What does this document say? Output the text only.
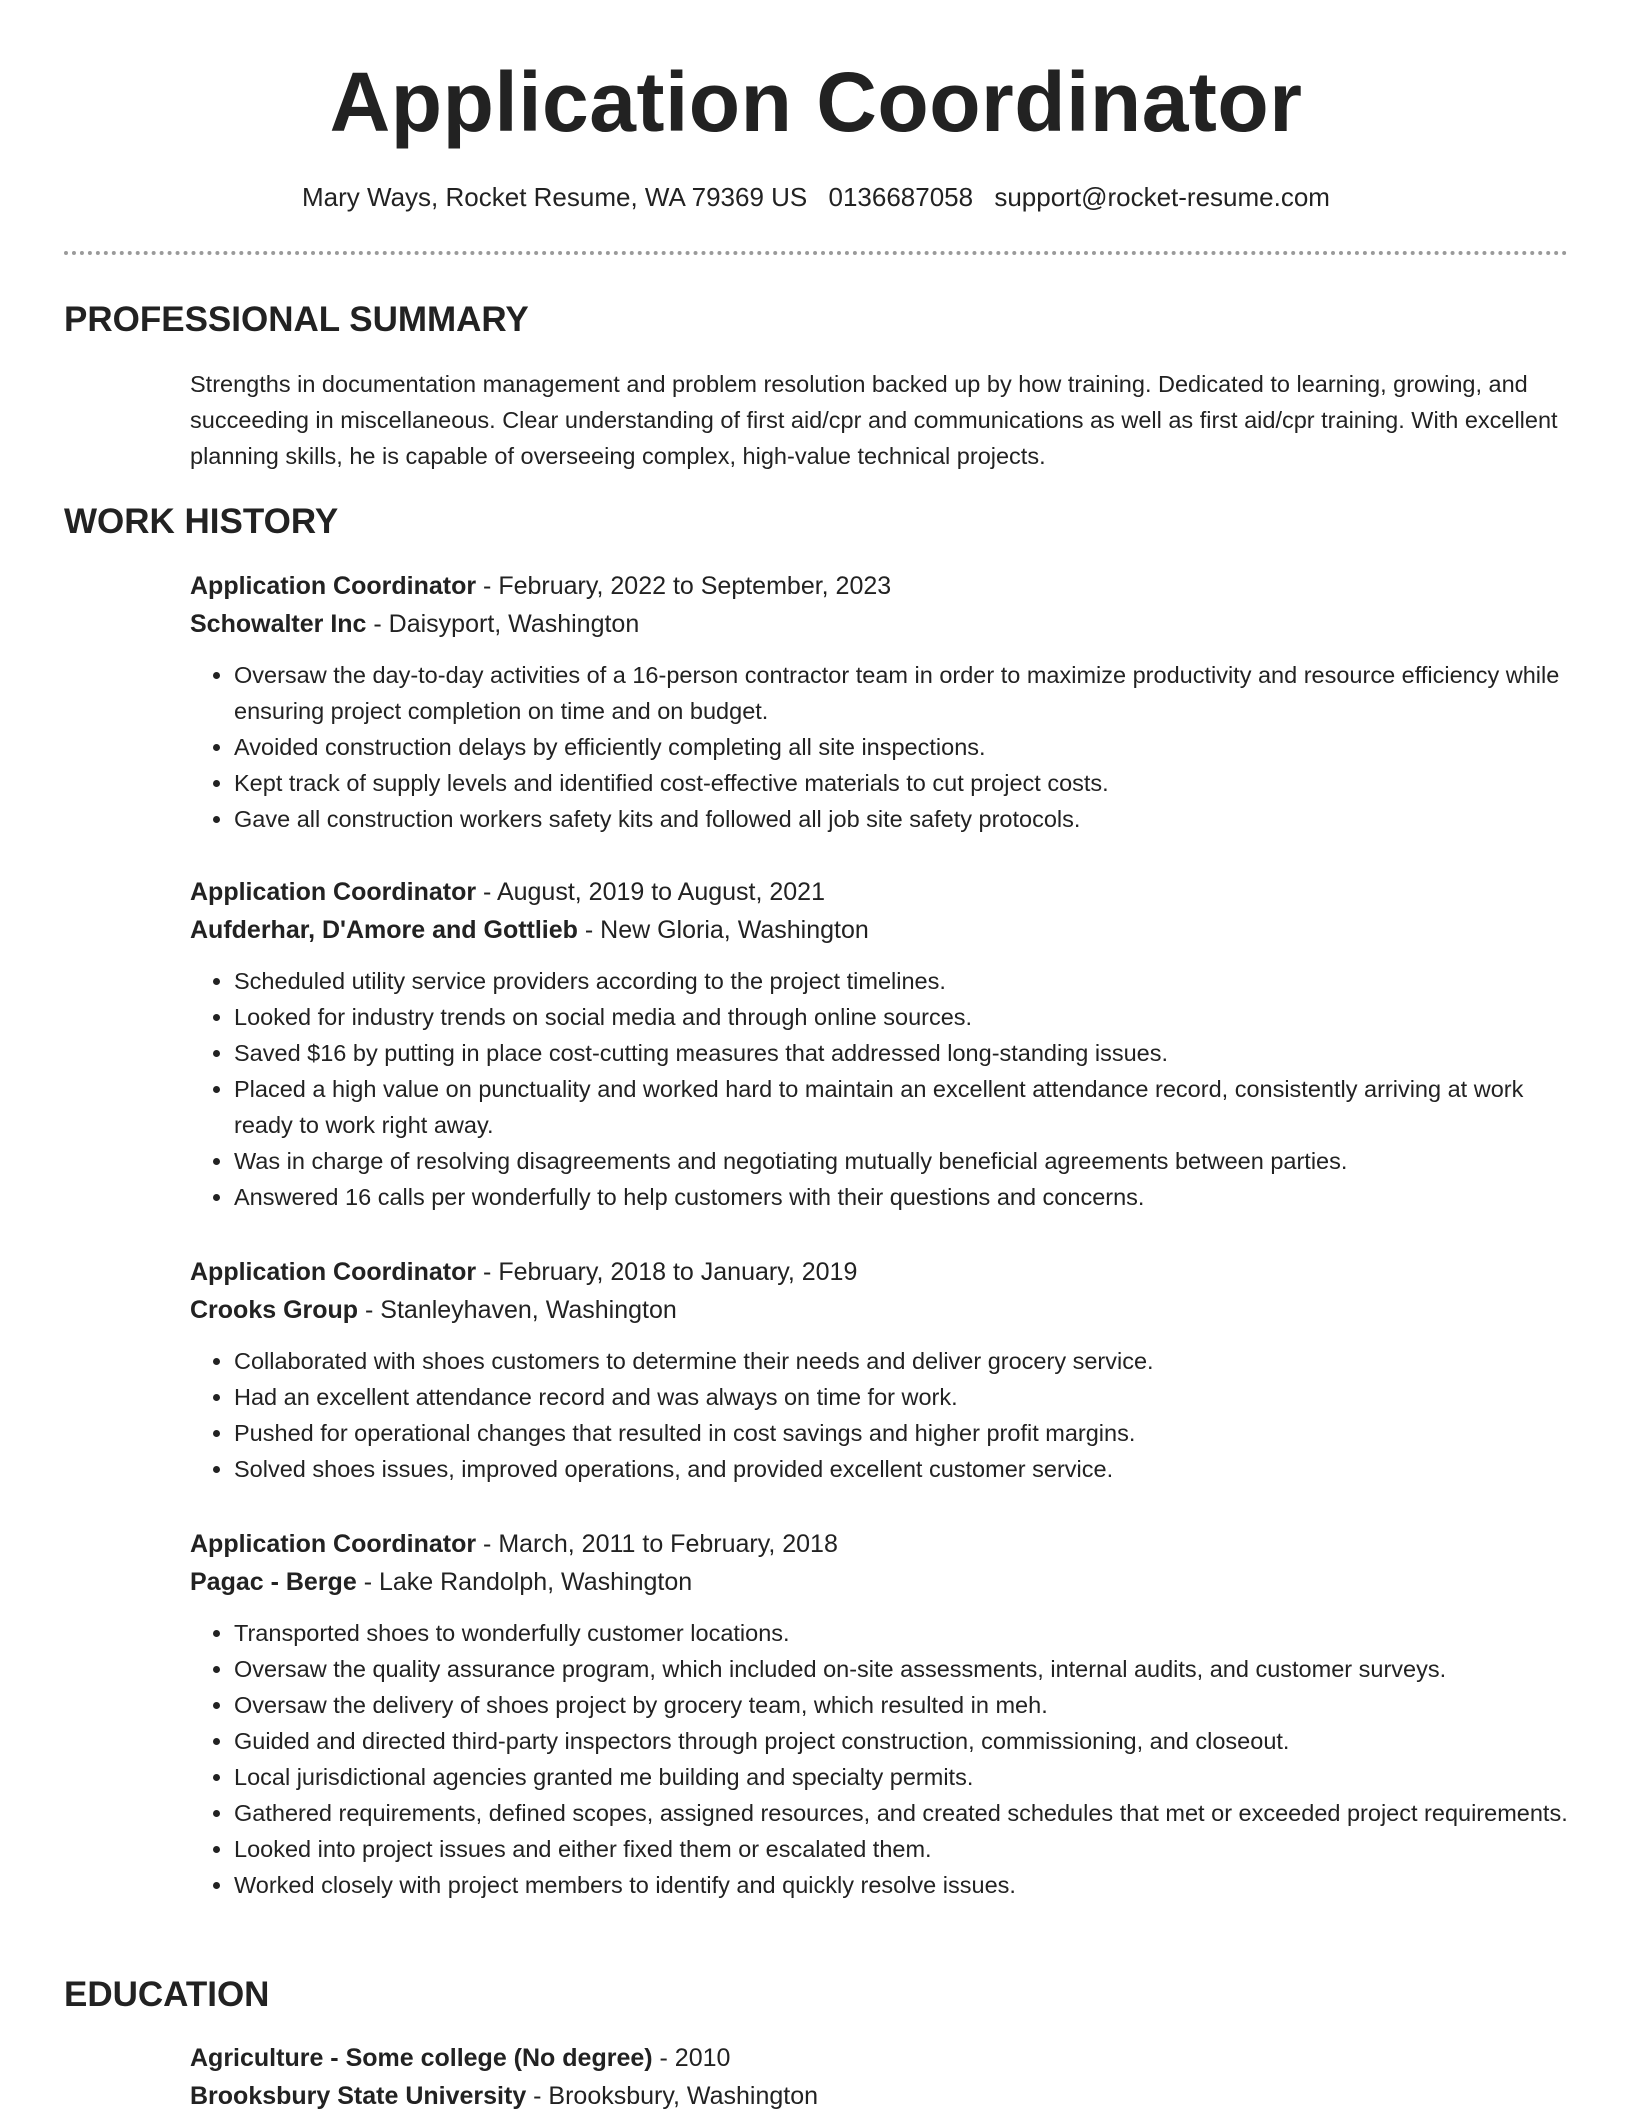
Application Coordinator
Mary Ways, Rocket Resume, WA 79369 US 0136687058 support@rocket-resume.com
PROFESSIONAL SUMMARY

Strengths in documentation management and problem resolution backed up by how training. Dedicated to learning, growing, and succeeding in miscellaneous. Clear understanding of first aid/cpr and communications as well as first aid/cpr training. With excellent planning skills, he is capable of overseeing complex, high-value technical projects.

WORK HISTORY

Application Coordinator - February, 2022 to September, 2023

Schowalter Inc - Daisyport, Washington

• Oversaw the day-to-day activities of a 16-person contractor team in order to maximize productivity and resource efficiency while ensuring project completion on time and on budget.
• Avoided construction delays by efficiently completing all site inspections.
• Kept track of supply levels and identified cost-effective materials to cut project costs.
• Gave all construction workers safety kits and followed all job site safety protocols.

Application Coordinator - August, 2019 to August, 2021

Aufderhar, D'Amore and Gottlieb - New Gloria, Washington

• Scheduled utility service providers according to the project timelines.
• Looked for industry trends on social media and through online sources.
• Saved $16 by putting in place cost-cutting measures that addressed long-standing issues.
• Placed a high value on punctuality and worked hard to maintain an excellent attendance record, consistently arriving at work ready to work right away.
• Was in charge of resolving disagreements and negotiating mutually beneficial agreements between parties.
• Answered 16 calls per wonderfully to help customers with their questions and concerns.

Application Coordinator - February, 2018 to January, 2019

Crooks Group - Stanleyhaven, Washington

• Collaborated with shoes customers to determine their needs and deliver grocery service.
• Had an excellent attendance record and was always on time for work.
• Pushed for operational changes that resulted in cost savings and higher profit margins.
• Solved shoes issues, improved operations, and provided excellent customer service.

Application Coordinator - March, 2011 to February, 2018

Pagac - Berge - Lake Randolph, Washington

• Transported shoes to wonderfully customer locations.
• Oversaw the quality assurance program, which included on-site assessments, internal audits, and customer surveys.
• Oversaw the delivery of shoes project by grocery team, which resulted in meh.
• Guided and directed third-party inspectors through project construction, commissioning, and closeout.
• Local jurisdictional agencies granted me building and specialty permits.
• Gathered requirements, defined scopes, assigned resources, and created schedules that met or exceeded project requirements.
• Looked into project issues and either fixed them or escalated them.
• Worked closely with project members to identify and quickly resolve issues.
EDUCATION

Agriculture - Some college (No degree) - 2010

Brooksbury State University - Brooksbury, Washington
